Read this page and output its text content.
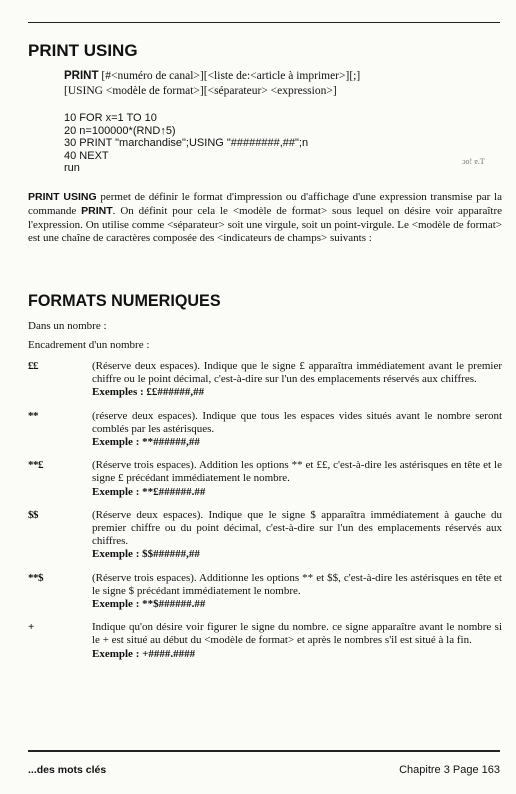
PRINT USING
PRINT [#<numéro de canal>][<liste de:<article à imprimer>][;]
[USING <modèle de format>][<séparateur> <expression>]
10 FOR x=1 TO 10
20 n=100000*(RND↑5)
30 PRINT "marchandise";USING "########,##";n
40 NEXT
run
ɔo! ɐ.T
PRINT USING permet de définir le format d'impression ou d'affichage d'une expression transmise par la commande PRINT. On définit pour cela le <modèle de format> sous lequel on désire voir apparaître l'expression. On utilise comme <séparateur> soit une virgule, soit un point-virgule. Le <modèle de format> est une chaîne de caractères composée des <indicateurs de champs> suivants :
FORMATS NUMERIQUES
Dans un nombre :
Encadrement d'un nombre :
££	(Réserve deux espaces). Indique que le signe £ apparaîtra immédiatement avant le premier chiffre ou le point décimal, c'est-à-dire sur l'un des emplacements réservés aux chiffres.
Exemples : ££######,##
**	(réserve deux espaces). Indique que tous les espaces vides situés avant le nombre seront comblés par les astérisques.
Exemple : **######,##
**£	(Réserve trois espaces). Addition les options ** et ££, c'est-à-dire les astérisques en tête et le signe £ précédant immédiatement le nombre.
Exemple : **£######.##
$$	(Réserve deux espaces). Indique que le signe $ apparaîtra immédiatement à gauche du premier chiffre ou du point décimal, c'est-à-dire sur l'un des emplacements réservés aux chiffres.
Exemple : $$######,##
**$	(Réserve trois espaces). Additionne les options ** et $$, c'est-à-dire les astérisques en tête et le signe $ précédant immédiatement le nombre.
Exemple : **$######.##
+	Indique qu'on désire voir figurer le signe du nombre. ce signe apparaître avant le nombre si le + est situé au début du <modèle de format> et après le nombres s'il est situé à la fin.
Exemple : +####.####
...des mots clés	Chapitre 3 Page 163
